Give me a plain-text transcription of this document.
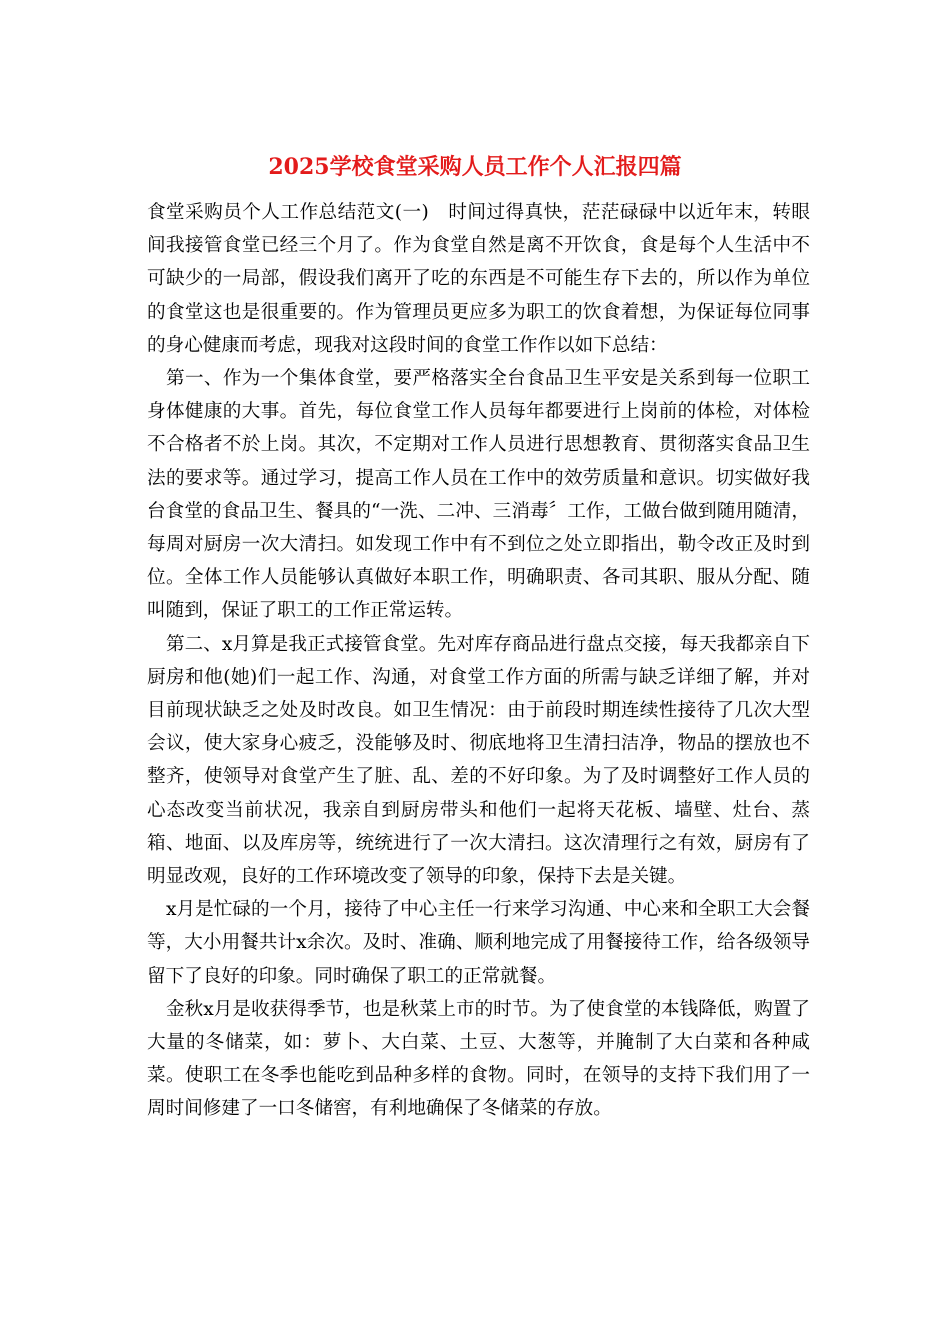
2025学校食堂采购人员工作个人汇报四篇

食堂采购员个人工作总结范文(一)　时间过得真快，茫茫碌碌中以近年末，转眼间我接管食堂已经三个月了。作为食堂自然是离不开饮食，食是每个人生活中不可缺少的一局部，假设我们离开了吃的东西是不可能生存下去的，所以作为单位的食堂这也是很重要的。作为管理员更应多为职工的饮食着想，为保证每位同事的身心健康而考虑，现我对这段时间的食堂工作作以如下总结：

第一、作为一个集体食堂，要严格落实全台食品卫生平安是关系到每一位职工身体健康的大事。首先，每位食堂工作人员每年都要进行上岗前的体检，对体检不合格者不於上岗。其次，不定期对工作人员进行思想教育、贯彻落实食品卫生法的要求等。通过学习，提高工作人员在工作中的效劳质量和意识。切实做好我台食堂的食品卫生、餐具的“一洗、二冲、三消毒〞工作，工做台做到随用随清，每周对厨房一次大清扫。如发现工作中有不到位之处立即指出，勒令改正及时到位。全体工作人员能够认真做好本职工作，明确职责、各司其职、服从分配、随叫随到，保证了职工的工作正常运转。

第二、x月算是我正式接管食堂。先对库存商品进行盘点交接，每天我都亲自下厨房和他(她)们一起工作、沟通，对食堂工作方面的所需与缺乏详细了解，并对目前现状缺乏之处及时改良。如卫生情况：由于前段时期连续性接待了几次大型会议，使大家身心疲乏，没能够及时、彻底地将卫生清扫洁净，物品的摆放也不整齐，使领导对食堂产生了脏、乱、差的不好印象。为了及时调整好工作人员的心态改变当前状况，我亲自到厨房带头和他们一起将天花板、墙壁、灶台、蒸箱、地面、以及库房等，统统进行了一次大清扫。这次清理行之有效，厨房有了明显改观，良好的工作环境改变了领导的印象，保持下去是关键。

x月是忙碌的一个月，接待了中心主任一行来学习沟通、中心来和全职工大会餐等，大小用餐共计x余次。及时、准确、顺利地完成了用餐接待工作，给各级领导留下了良好的印象。同时确保了职工的正常就餐。

金秋x月是收获得季节，也是秋菜上市的时节。为了使食堂的本钱降低，购置了大量的冬储菜，如：萝卜、大白菜、土豆、大葱等，并腌制了大白菜和各种咸菜。使职工在冬季也能吃到品种多样的食物。同时，在领导的支持下我们用了一周时间修建了一口冬储窖，有利地确保了冬储菜的存放。
